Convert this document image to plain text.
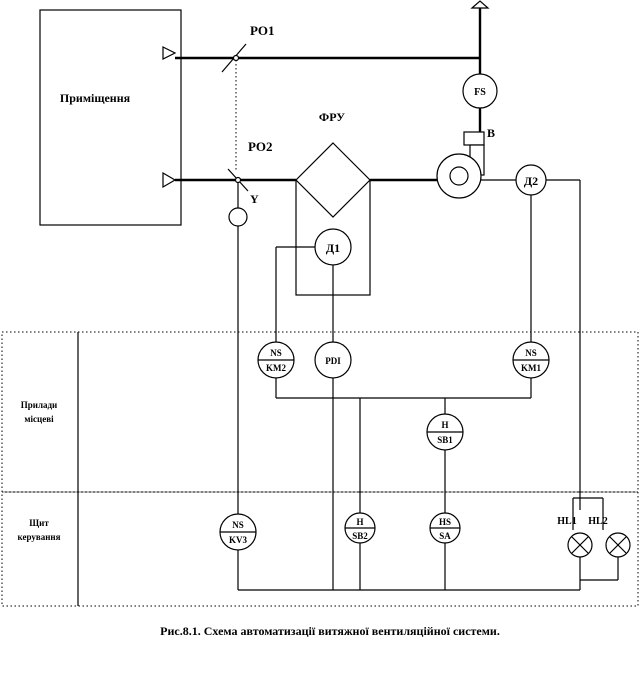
Приміщення
РО1
FS
В
РО2
Y
ФРУ
Д1
Д2
Прилади
місцеві
Щит
керування
NS
KM2
PDI
NS
KM1
H
SB1
NS
KV3
H
SB2
HS
SA
HL1 HL2
Рис.8.1. Схема автоматизації витяжної вентиляційної системи.
